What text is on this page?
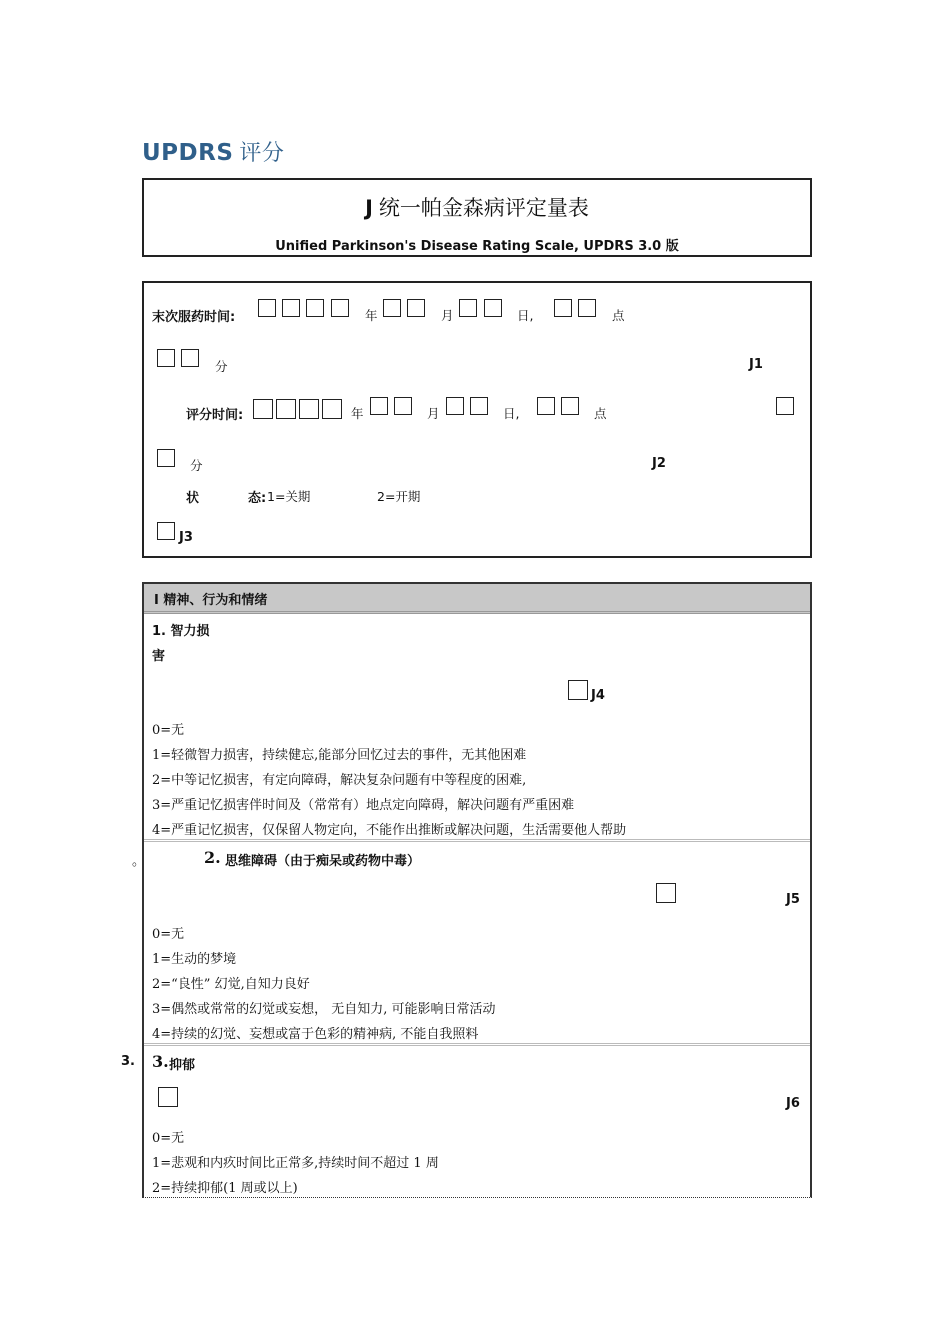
UPDRS 评分
J 统一帕金森病评定量表
Unified Parkinson's Disease Rating Scale, UPDRS 3.0 版
末次服药时间:	年	月	日,	点
分	J1
评分时间:	年	月	日,	点
分	J2
状	态: 1=关期	2=开期
J3
Ⅰ 精神、行为和情绪
1. 智力损
害
J4
0=无
1=轻微智力损害，持续健忘,能部分回忆过去的事件，无其他困难
2=中等记忆损害，有定向障碍，解决复杂问题有中等程度的困难,
3=严重记忆损害伴时间及（常常有）地点定向障碍，解决问题有严重困难
4=严重记忆损害，仅保留人物定向，不能作出推断或解决问题，生活需要他人帮助
2. 思维障碍（由于痴呆或药物中毒）
J5
0=无
1=生动的梦境
2=“良性” 幻觉,自知力良好
3=偶然或常常的幻觉或妄想， 无自知力, 可能影响日常活动
4=持续的幻觉、妄想或富于色彩的精神病, 不能自我照料
3. 抑郁
J6
0=无
1=悲观和内疚时间比正常多,持续时间不超过 1 周
2=持续抑郁(1 周或以上)
。
3.
